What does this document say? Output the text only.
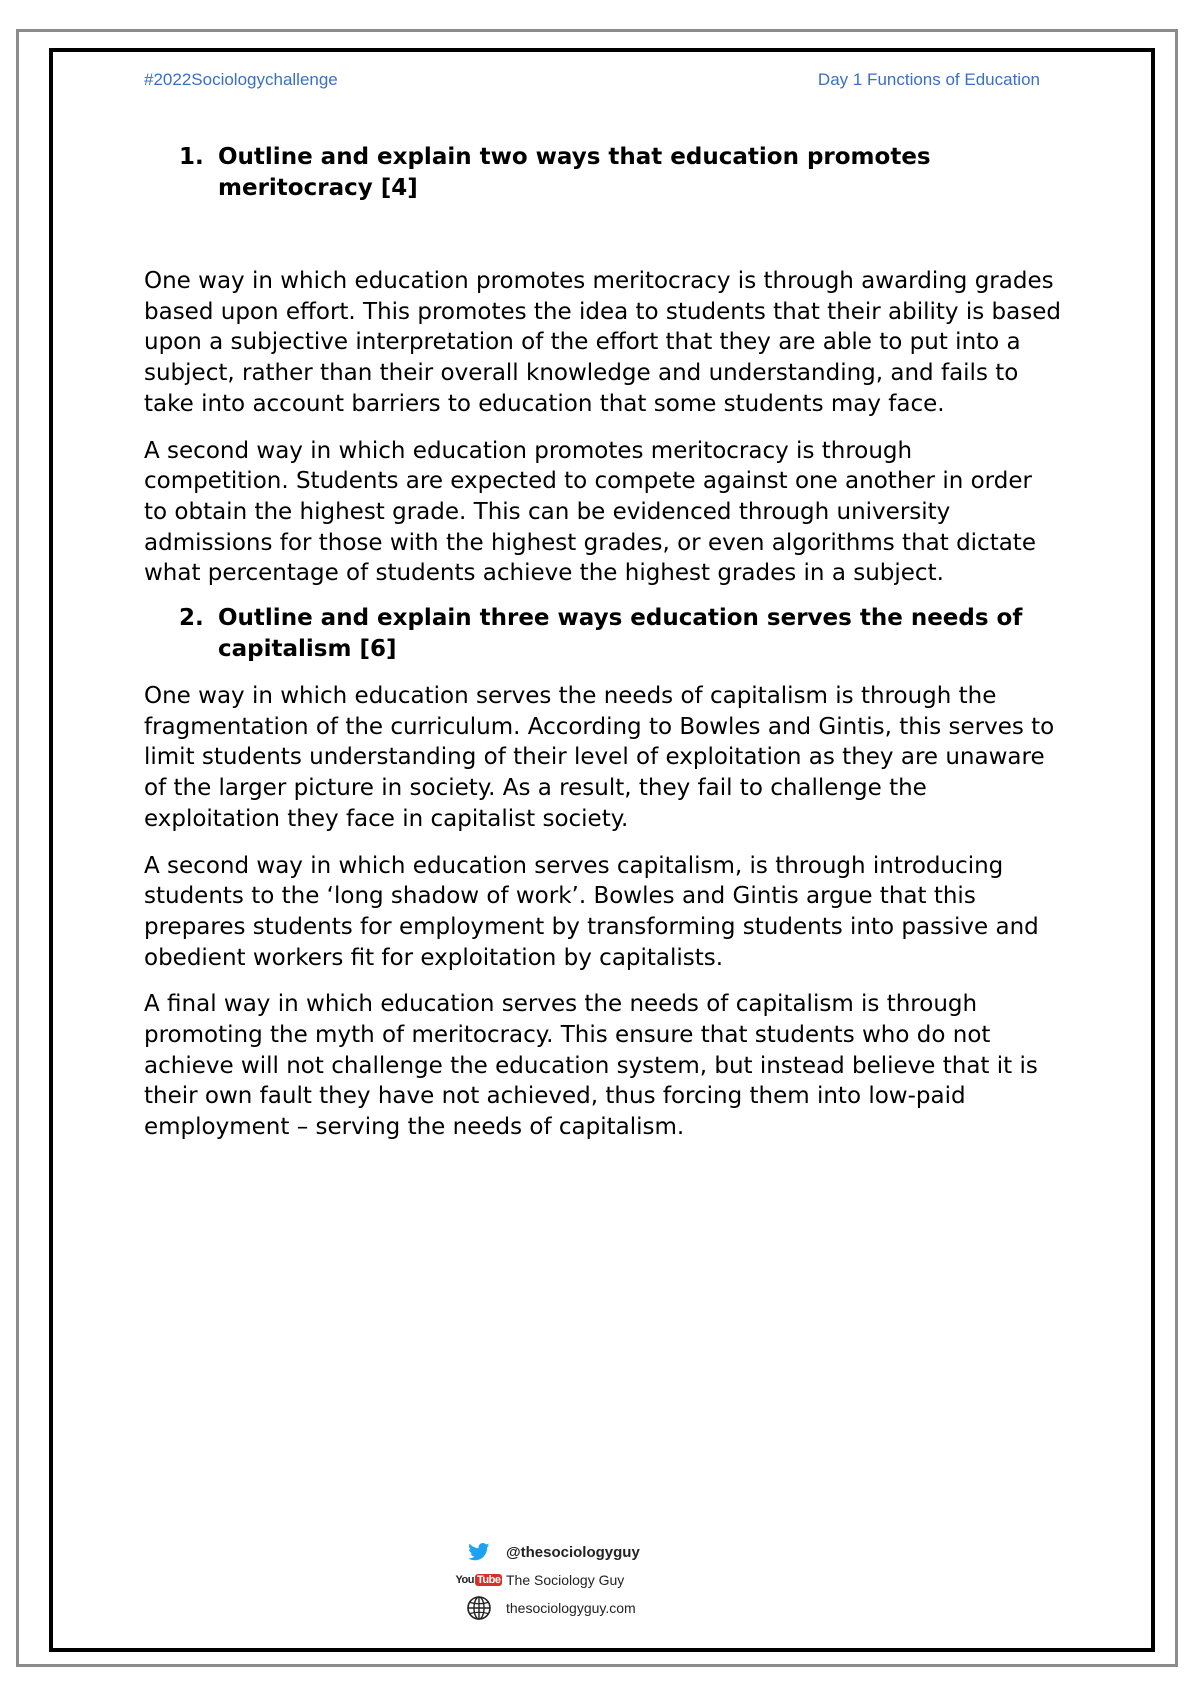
#2022Sociologychallenge	Day 1 Functions of Education

1. Outline and explain two ways that education promotes meritocracy [4]

One way in which education promotes meritocracy is through awarding grades based upon effort. This promotes the idea to students that their ability is based upon a subjective interpretation of the effort that they are able to put into a subject, rather than their overall knowledge and understanding, and fails to take into account barriers to education that some students may face.

A second way in which education promotes meritocracy is through competition. Students are expected to compete against one another in order to obtain the highest grade. This can be evidenced through university admissions for those with the highest grades, or even algorithms that dictate what percentage of students achieve the highest grades in a subject.

2. Outline and explain three ways education serves the needs of capitalism [6]

One way in which education serves the needs of capitalism is through the fragmentation of the curriculum. According to Bowles and Gintis, this serves to limit students understanding of their level of exploitation as they are unaware of the larger picture in society. As a result, they fail to challenge the exploitation they face in capitalist society.

A second way in which education serves capitalism, is through introducing students to the ‘long shadow of work’. Bowles and Gintis argue that this prepares students for employment by transforming students into passive and obedient workers fit for exploitation by capitalists.

A final way in which education serves the needs of capitalism is through promoting the myth of meritocracy. This ensure that students who do not achieve will not challenge the education system, but instead believe that it is their own fault they have not achieved, thus forcing them into low-paid employment – serving the needs of capitalism.

@thesociologyguy
You Tube The Sociology Guy
thesociologyguy.com
